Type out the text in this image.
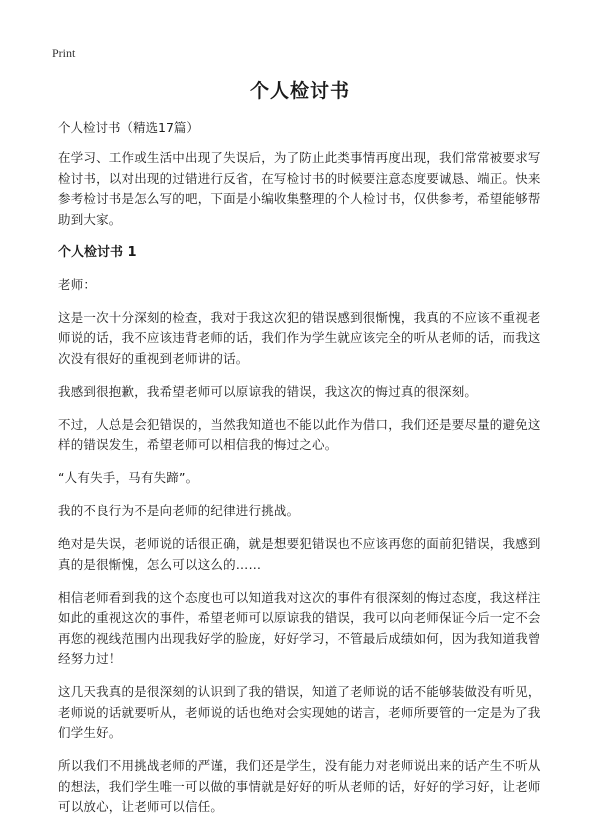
Print
个人检讨书

个人检讨书（精选17篇）

在学习、工作或生活中出现了失误后，为了防止此类事情再度出现，我们常常被要求写检讨书，以对出现的过错进行反省，在写检讨书的时候要注意态度要诚恳、端正。快来参考检讨书是怎么写的吧，下面是小编收集整理的个人检讨书，仅供参考，希望能够帮助到大家。

个人检讨书 1

老师：

这是一次十分深刻的检查，我对于我这次犯的错误感到很惭愧，我真的不应该不重视老师说的话，我不应该违背老师的话，我们作为学生就应该完全的听从老师的话，而我这次没有很好的重视到老师讲的话。

我感到很抱歉，我希望老师可以原谅我的错误，我这次的悔过真的很深刻。

不过，人总是会犯错误的，当然我知道也不能以此作为借口，我们还是要尽量的避免这样的错误发生，希望老师可以相信我的悔过之心。

“人有失手，马有失蹄”。

我的不良行为不是向老师的纪律进行挑战。

绝对是失误，老师说的话很正确，就是想要犯错误也不应该再您的面前犯错误，我感到真的是很惭愧，怎么可以这么的……

相信老师看到我的这个态度也可以知道我对这次的事件有很深刻的悔过态度，我这样注如此的重视这次的事件，希望老师可以原谅我的错误，我可以向老师保证今后一定不会再您的视线范围内出现我好学的脸庞，好好学习，不管最后成绩如何，因为我知道我曾经努力过！

这几天我真的是很深刻的认识到了我的错误，知道了老师说的话不能够装做没有听见，老师说的话就要听从，老师说的话也绝对会实现她的诺言，老师所要管的一定是为了我们学生好。

所以我们不用挑战老师的严谨，我们还是学生，没有能力对老师说出来的话产生不听从的想法，我们学生唯一可以做的事情就是好好的听从老师的话，好好的学习好，让老师可以放心，让老师可以信任。
